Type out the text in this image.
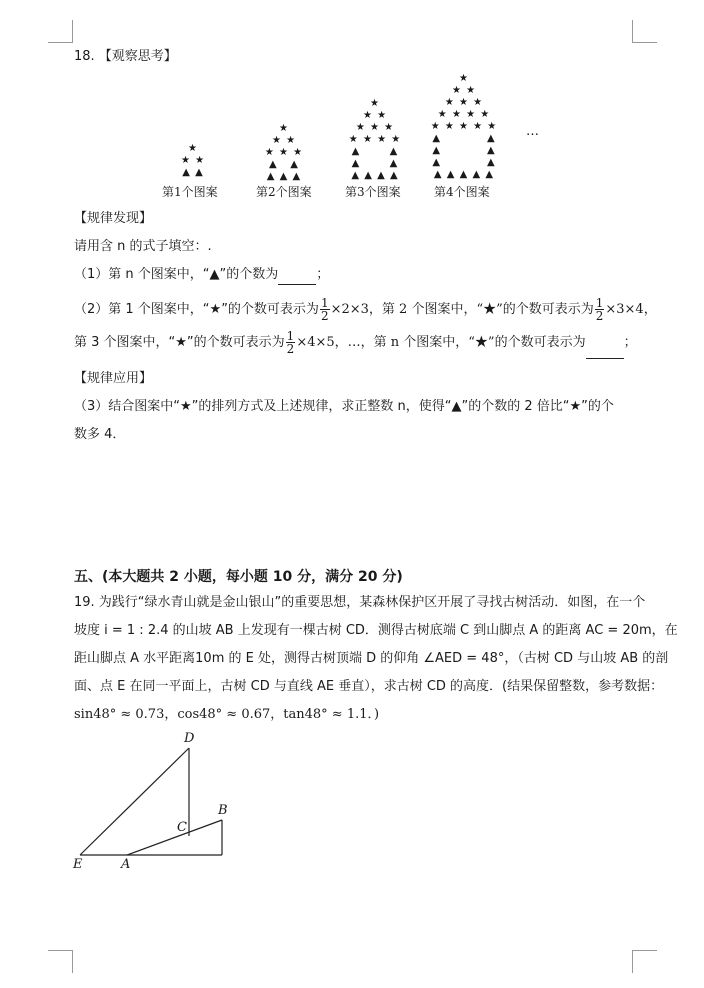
18. 【观察思考】
★
★ ★
▲ ▲
第1个图案
★
★ ★
★ ★ ★
▲   ▲
▲ ▲ ▲
第2个图案
★
★ ★
★ ★ ★
★ ★ ★ ★
▲       ▲
▲       ▲
▲ ▲ ▲ ▲
第3个图案
★
★ ★
★ ★ ★
★ ★ ★ ★
★ ★ ★ ★ ★
▲           ▲
▲           ▲
▲           ▲
▲ ▲ ▲ ▲ ▲
第4个图案
…
【规律发现】
请用含 n 的式子填空：.
（1）第 n 个图案中，“▲”的个数为	；
（2）第 1 个图案中，“★”的个数可表示为 $\frac{1}{2} \times 2\times 3$，第 2 个图案中，“★”的个数可表示为 $\frac{1}{2} \times 3\times 4$，
第 3 个图案中，“★”的个数可表示为 $\frac{1}{2} \times 4\times 5$，…，第 n 个图案中，“★”的个数可表示为	；
【规律应用】
（3）结合图案中“★”的排列方式及上述规律，求正整数 n，使得“▲”的个数的 2 倍比“★”的个
数多 4．
五、(本大题共 2 小题，每小题 10 分，满分 20 分)
19. 为践行“绿水青山就是金山银山”的重要思想，某森林保护区开展了寻找古树活动．如图，在一个
坡度 i = 1 : 2.4 的山坡 AB 上发现有一棵古树 CD．测得古树底端 C 到山脚点 A 的距离 AC = 20m，在
距山脚点 A 水平距离10m 的 E 处，测得古树顶端 D 的仰角 ∠AED = 48°，（古树 CD 与山坡 AB 的剖
面、点 E 在同一平面上，古树 CD 与直线 AE 垂直），求古树 CD 的高度．(结果保留整数，参考数据：
sin48° ≈ 0.73，cos48° ≈ 0.67，tan48° ≈ 1.1．)
D
B
C
E	A
